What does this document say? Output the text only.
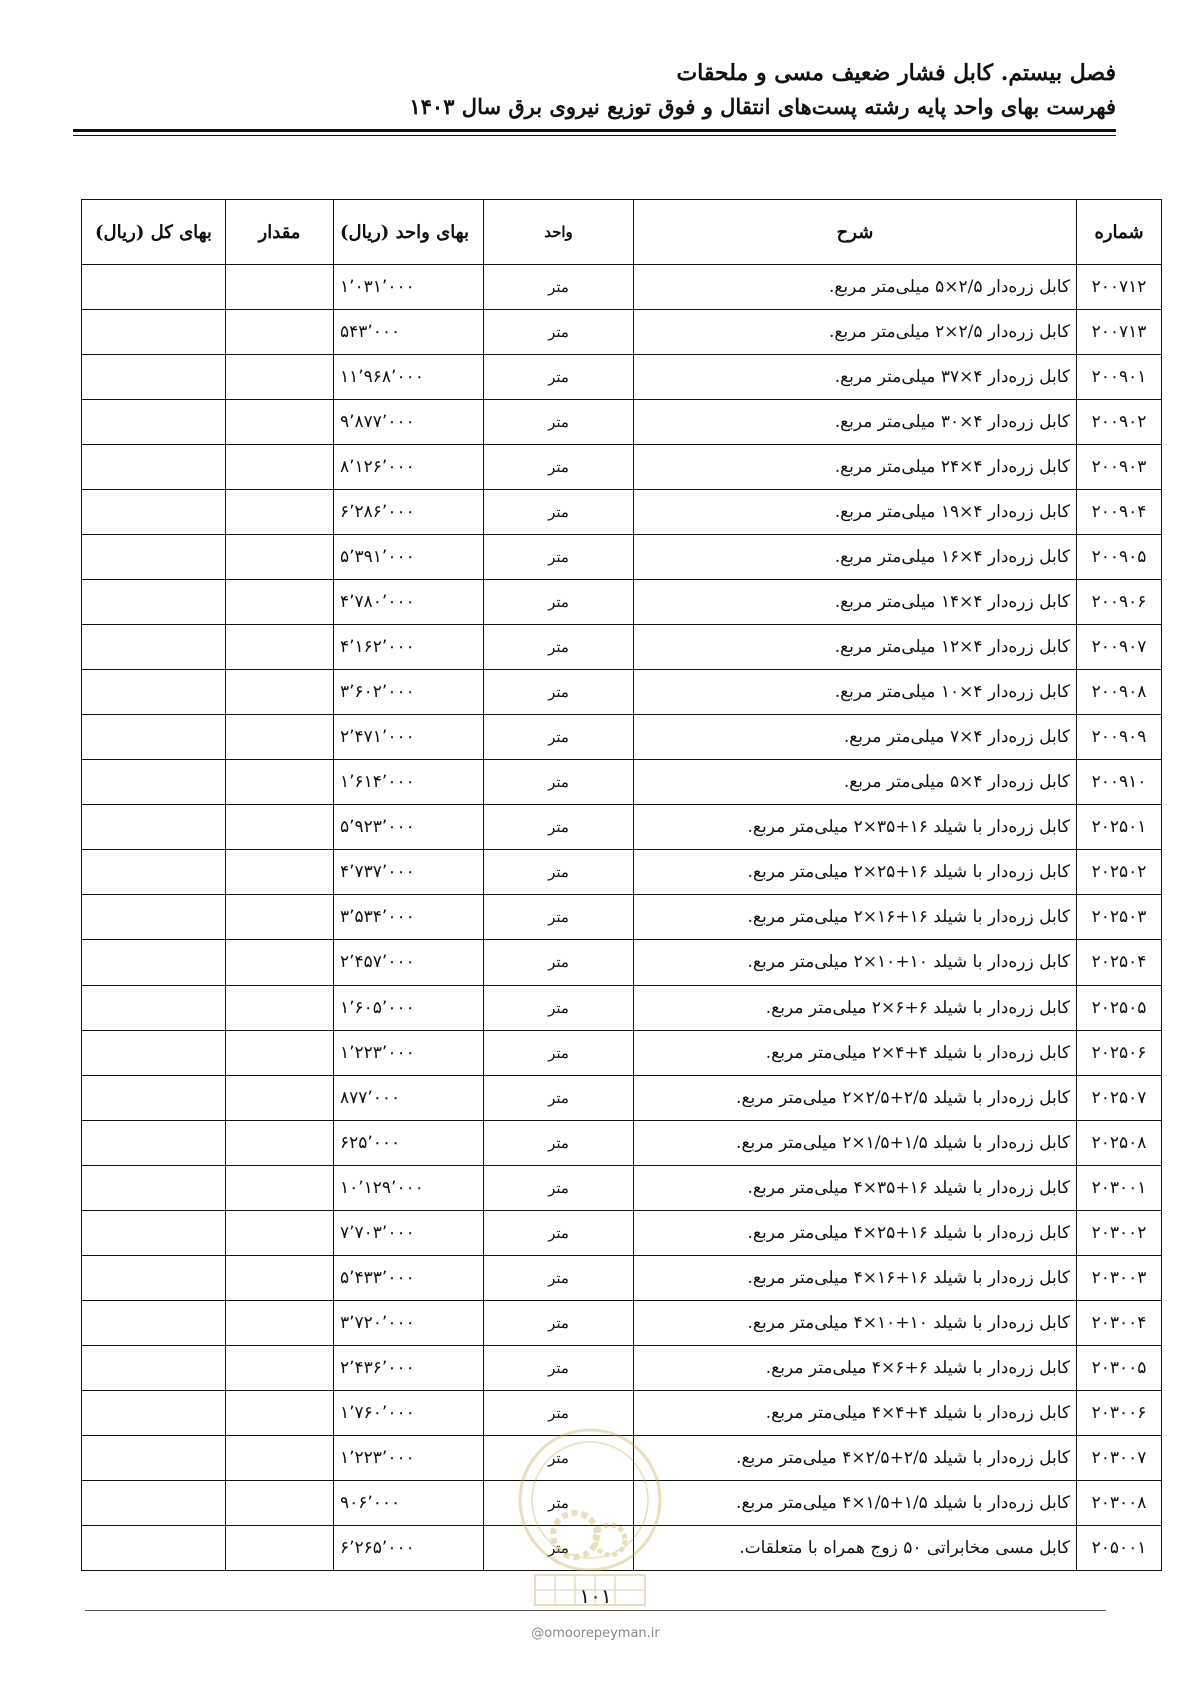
فصل بیستم. کابل فشار ضعیف مسی و ملحقات
فهرست بهای واحد پایه رشته پست‌های انتقال و فوق توزیع نیروی برق سال ۱۴۰۳
شماره	شرح	واحد	بهای واحد (ریال)	مقدار	بهای کل (ریال)
۲۰۰۷۱۲	کابل زره‌دار ۲/۵×۵ میلی‌متر مربع.	متر	۱٬۰۳۱٬۰۰۰		
۲۰۰۷۱۳	کابل زره‌دار ۲/۵×۲ میلی‌متر مربع.	متر	۵۴۳٬۰۰۰		
۲۰۰۹۰۱	کابل زره‌دار ۴×۳۷ میلی‌متر مربع.	متر	۱۱٬۹۶۸٬۰۰۰		
۲۰۰۹۰۲	کابل زره‌دار ۴×۳۰ میلی‌متر مربع.	متر	۹٬۸۷۷٬۰۰۰		
۲۰۰۹۰۳	کابل زره‌دار ۴×۲۴ میلی‌متر مربع.	متر	۸٬۱۲۶٬۰۰۰		
۲۰۰۹۰۴	کابل زره‌دار ۴×۱۹ میلی‌متر مربع.	متر	۶٬۲۸۶٬۰۰۰		
۲۰۰۹۰۵	کابل زره‌دار ۴×۱۶ میلی‌متر مربع.	متر	۵٬۳۹۱٬۰۰۰		
۲۰۰۹۰۶	کابل زره‌دار ۴×۱۴ میلی‌متر مربع.	متر	۴٬۷۸۰٬۰۰۰		
۲۰۰۹۰۷	کابل زره‌دار ۴×۱۲ میلی‌متر مربع.	متر	۴٬۱۶۲٬۰۰۰		
۲۰۰۹۰۸	کابل زره‌دار ۴×۱۰ میلی‌متر مربع.	متر	۳٬۶۰۲٬۰۰۰		
۲۰۰۹۰۹	کابل زره‌دار ۴×۷ میلی‌متر مربع.	متر	۲٬۴۷۱٬۰۰۰		
۲۰۰۹۱۰	کابل زره‌دار ۴×۵ میلی‌متر مربع.	متر	۱٬۶۱۴٬۰۰۰		
۲۰۲۵۰۱	کابل زره‌دار با شیلد ۱۶+۳۵×۲ میلی‌متر مربع.	متر	۵٬۹۲۳٬۰۰۰		
۲۰۲۵۰۲	کابل زره‌دار با شیلد ۱۶+۲۵×۲ میلی‌متر مربع.	متر	۴٬۷۳۷٬۰۰۰		
۲۰۲۵۰۳	کابل زره‌دار با شیلد ۱۶+۱۶×۲ میلی‌متر مربع.	متر	۳٬۵۳۴٬۰۰۰		
۲۰۲۵۰۴	کابل زره‌دار با شیلد ۱۰+۱۰×۲ میلی‌متر مربع.	متر	۲٬۴۵۷٬۰۰۰		
۲۰۲۵۰۵	کابل زره‌دار با شیلد ۶+۶×۲ میلی‌متر مربع.	متر	۱٬۶۰۵٬۰۰۰		
۲۰۲۵۰۶	کابل زره‌دار با شیلد ۴+۴×۲ میلی‌متر مربع.	متر	۱٬۲۲۳٬۰۰۰		
۲۰۲۵۰۷	کابل زره‌دار با شیلد ۲/۵+۲/۵×۲ میلی‌متر مربع.	متر	۸۷۷٬۰۰۰		
۲۰۲۵۰۸	کابل زره‌دار با شیلد ۱/۵+۱/۵×۲ میلی‌متر مربع.	متر	۶۲۵٬۰۰۰		
۲۰۳۰۰۱	کابل زره‌دار با شیلد ۱۶+۳۵×۴ میلی‌متر مربع.	متر	۱۰٬۱۲۹٬۰۰۰		
۲۰۳۰۰۲	کابل زره‌دار با شیلد ۱۶+۲۵×۴ میلی‌متر مربع.	متر	۷٬۷۰۳٬۰۰۰		
۲۰۳۰۰۳	کابل زره‌دار با شیلد ۱۶+۱۶×۴ میلی‌متر مربع.	متر	۵٬۴۳۳٬۰۰۰		
۲۰۳۰۰۴	کابل زره‌دار با شیلد ۱۰+۱۰×۴ میلی‌متر مربع.	متر	۳٬۷۲۰٬۰۰۰		
۲۰۳۰۰۵	کابل زره‌دار با شیلد ۶+۶×۴ میلی‌متر مربع.	متر	۲٬۴۳۶٬۰۰۰		
۲۰۳۰۰۶	کابل زره‌دار با شیلد ۴+۴×۴ میلی‌متر مربع.	متر	۱٬۷۶۰٬۰۰۰		
۲۰۳۰۰۷	کابل زره‌دار با شیلد ۲/۵+۲/۵×۴ میلی‌متر مربع.	متر	۱٬۲۲۳٬۰۰۰		
۲۰۳۰۰۸	کابل زره‌دار با شیلد ۱/۵+۱/۵×۴ میلی‌متر مربع.	متر	۹۰۶٬۰۰۰		
۲۰۵۰۰۱	کابل مسی مخابراتی ۵۰ زوج همراه با متعلقات.	متر	۶٬۲۶۵٬۰۰۰		
۱۰۱
@omoorepeyman.ir
